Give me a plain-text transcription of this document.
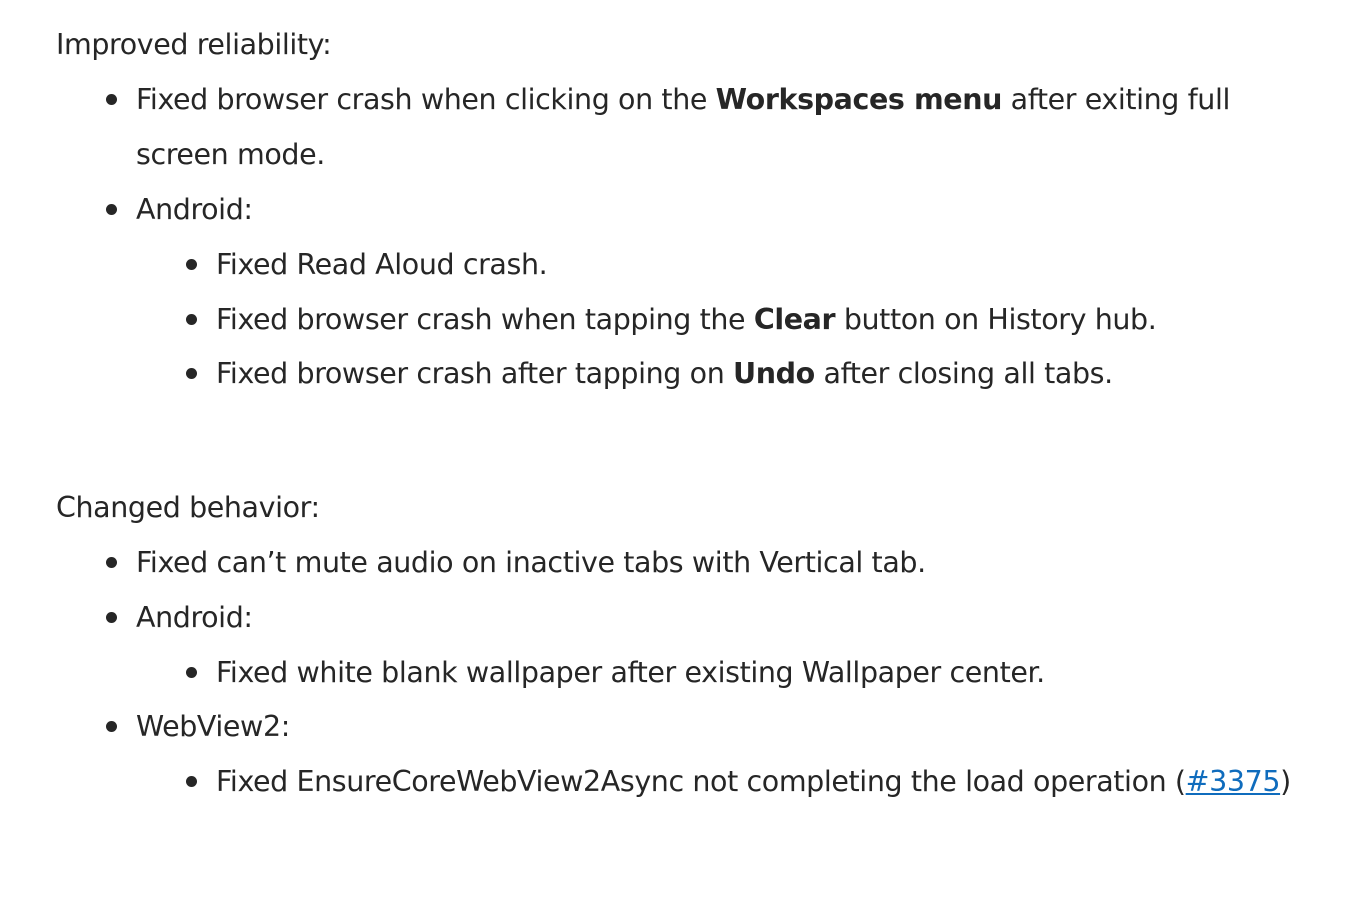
Improved reliability:

Fixed browser crash when clicking on the Workspaces menu after exiting full

screen mode.

Android:

Fixed Read Aloud crash.

Fixed browser crash when tapping the Clear button on History hub.

Fixed browser crash after tapping on Undo after closing all tabs.

Changed behavior:

Fixed can’t mute audio on inactive tabs with Vertical tab.

Android:

Fixed white blank wallpaper after existing Wallpaper center.

WebView2:

Fixed EnsureCoreWebView2Async not completing the load operation (#3375)
